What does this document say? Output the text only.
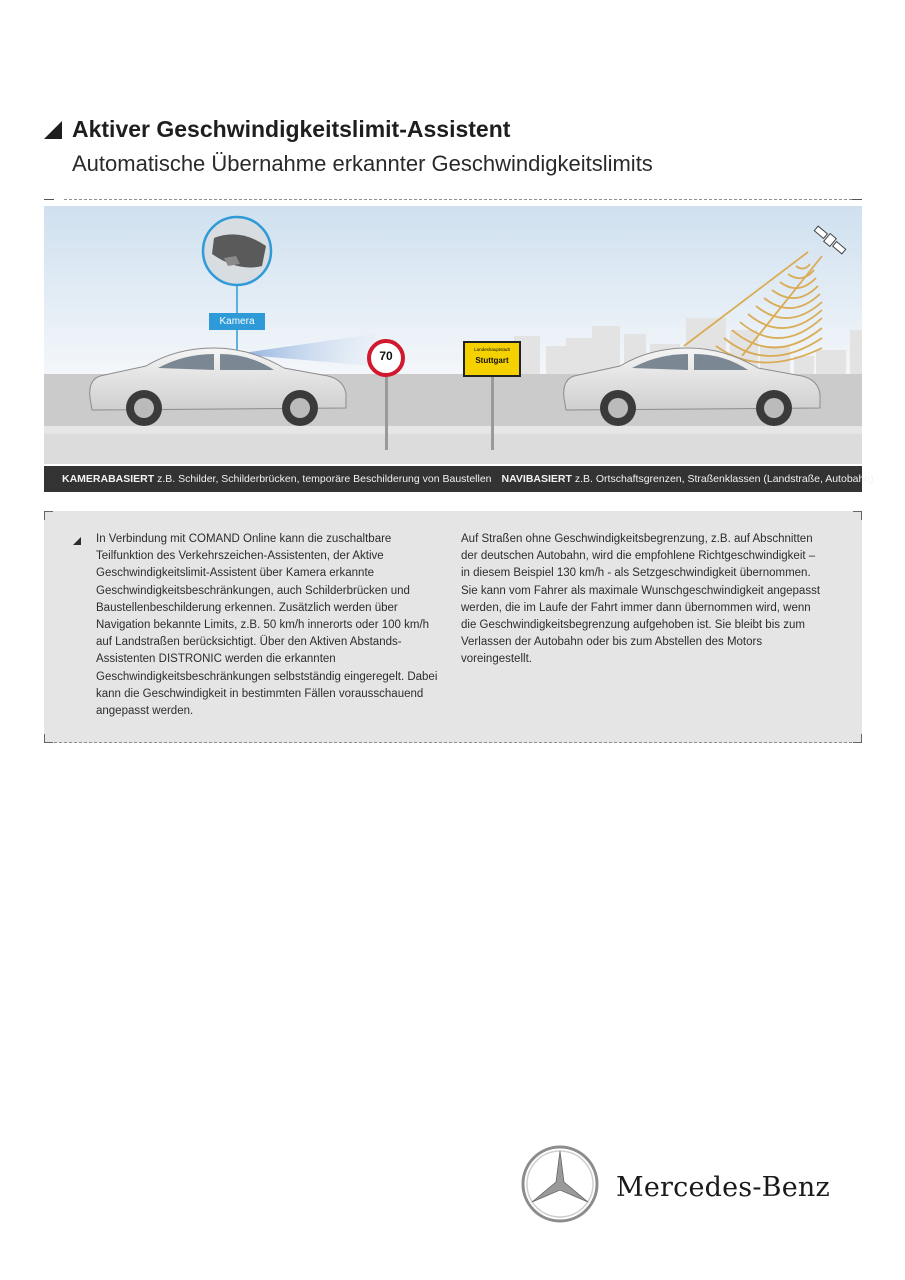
Aktiver Geschwindigkeitslimit-Assistent
Automatische Übernahme erkannter Geschwindigkeitslimits
Kamera
70	Landeshauptstadt
Stuttgart
KAMERABASIERT z.B. Schilder, Schilderbrücken, temporäre Beschilderung von Baustellen NAVIBASIERT z.B. Ortschaftsgrenzen, Straßenklassen (Landstraße, Autobahn)
In Verbindung mit COMAND Online kann die zuschaltbare Teilfunktion des Verkehrszeichen-Assistenten, der Aktive Geschwindigkeitslimit-Assistent über Kamera erkannte Geschwindigkeitsbeschränkungen, auch Schilderbrücken und Baustellenbeschilderung erkennen. Zusätzlich werden über Navigation bekannte Limits, z.B. 50 km/h innerorts oder 100 km/h auf Landstraßen berücksichtigt. Über den Aktiven Abstands-Assistenten DISTRONIC werden die erkannten Geschwindigkeitsbeschränkungen selbstständig eingeregelt. Dabei kann die Geschwindigkeit in bestimmten Fällen vorausschauend angepasst werden.
Auf Straßen ohne Geschwindigkeitsbegrenzung, z.B. auf Abschnitten der deutschen Autobahn, wird die empfohlene Richtgeschwindigkeit – in diesem Beispiel 130 km/h - als Setzgeschwindigkeit übernommen. Sie kann vom Fahrer als maximale Wunschgeschwindigkeit angepasst werden, die im Laufe der Fahrt immer dann übernommen wird, wenn die Geschwindigkeitsbegrenzung aufgehoben ist. Sie bleibt bis zum Verlassen der Autobahn oder bis zum Abstellen des Motors voreingestellt.
Mercedes-Benz
